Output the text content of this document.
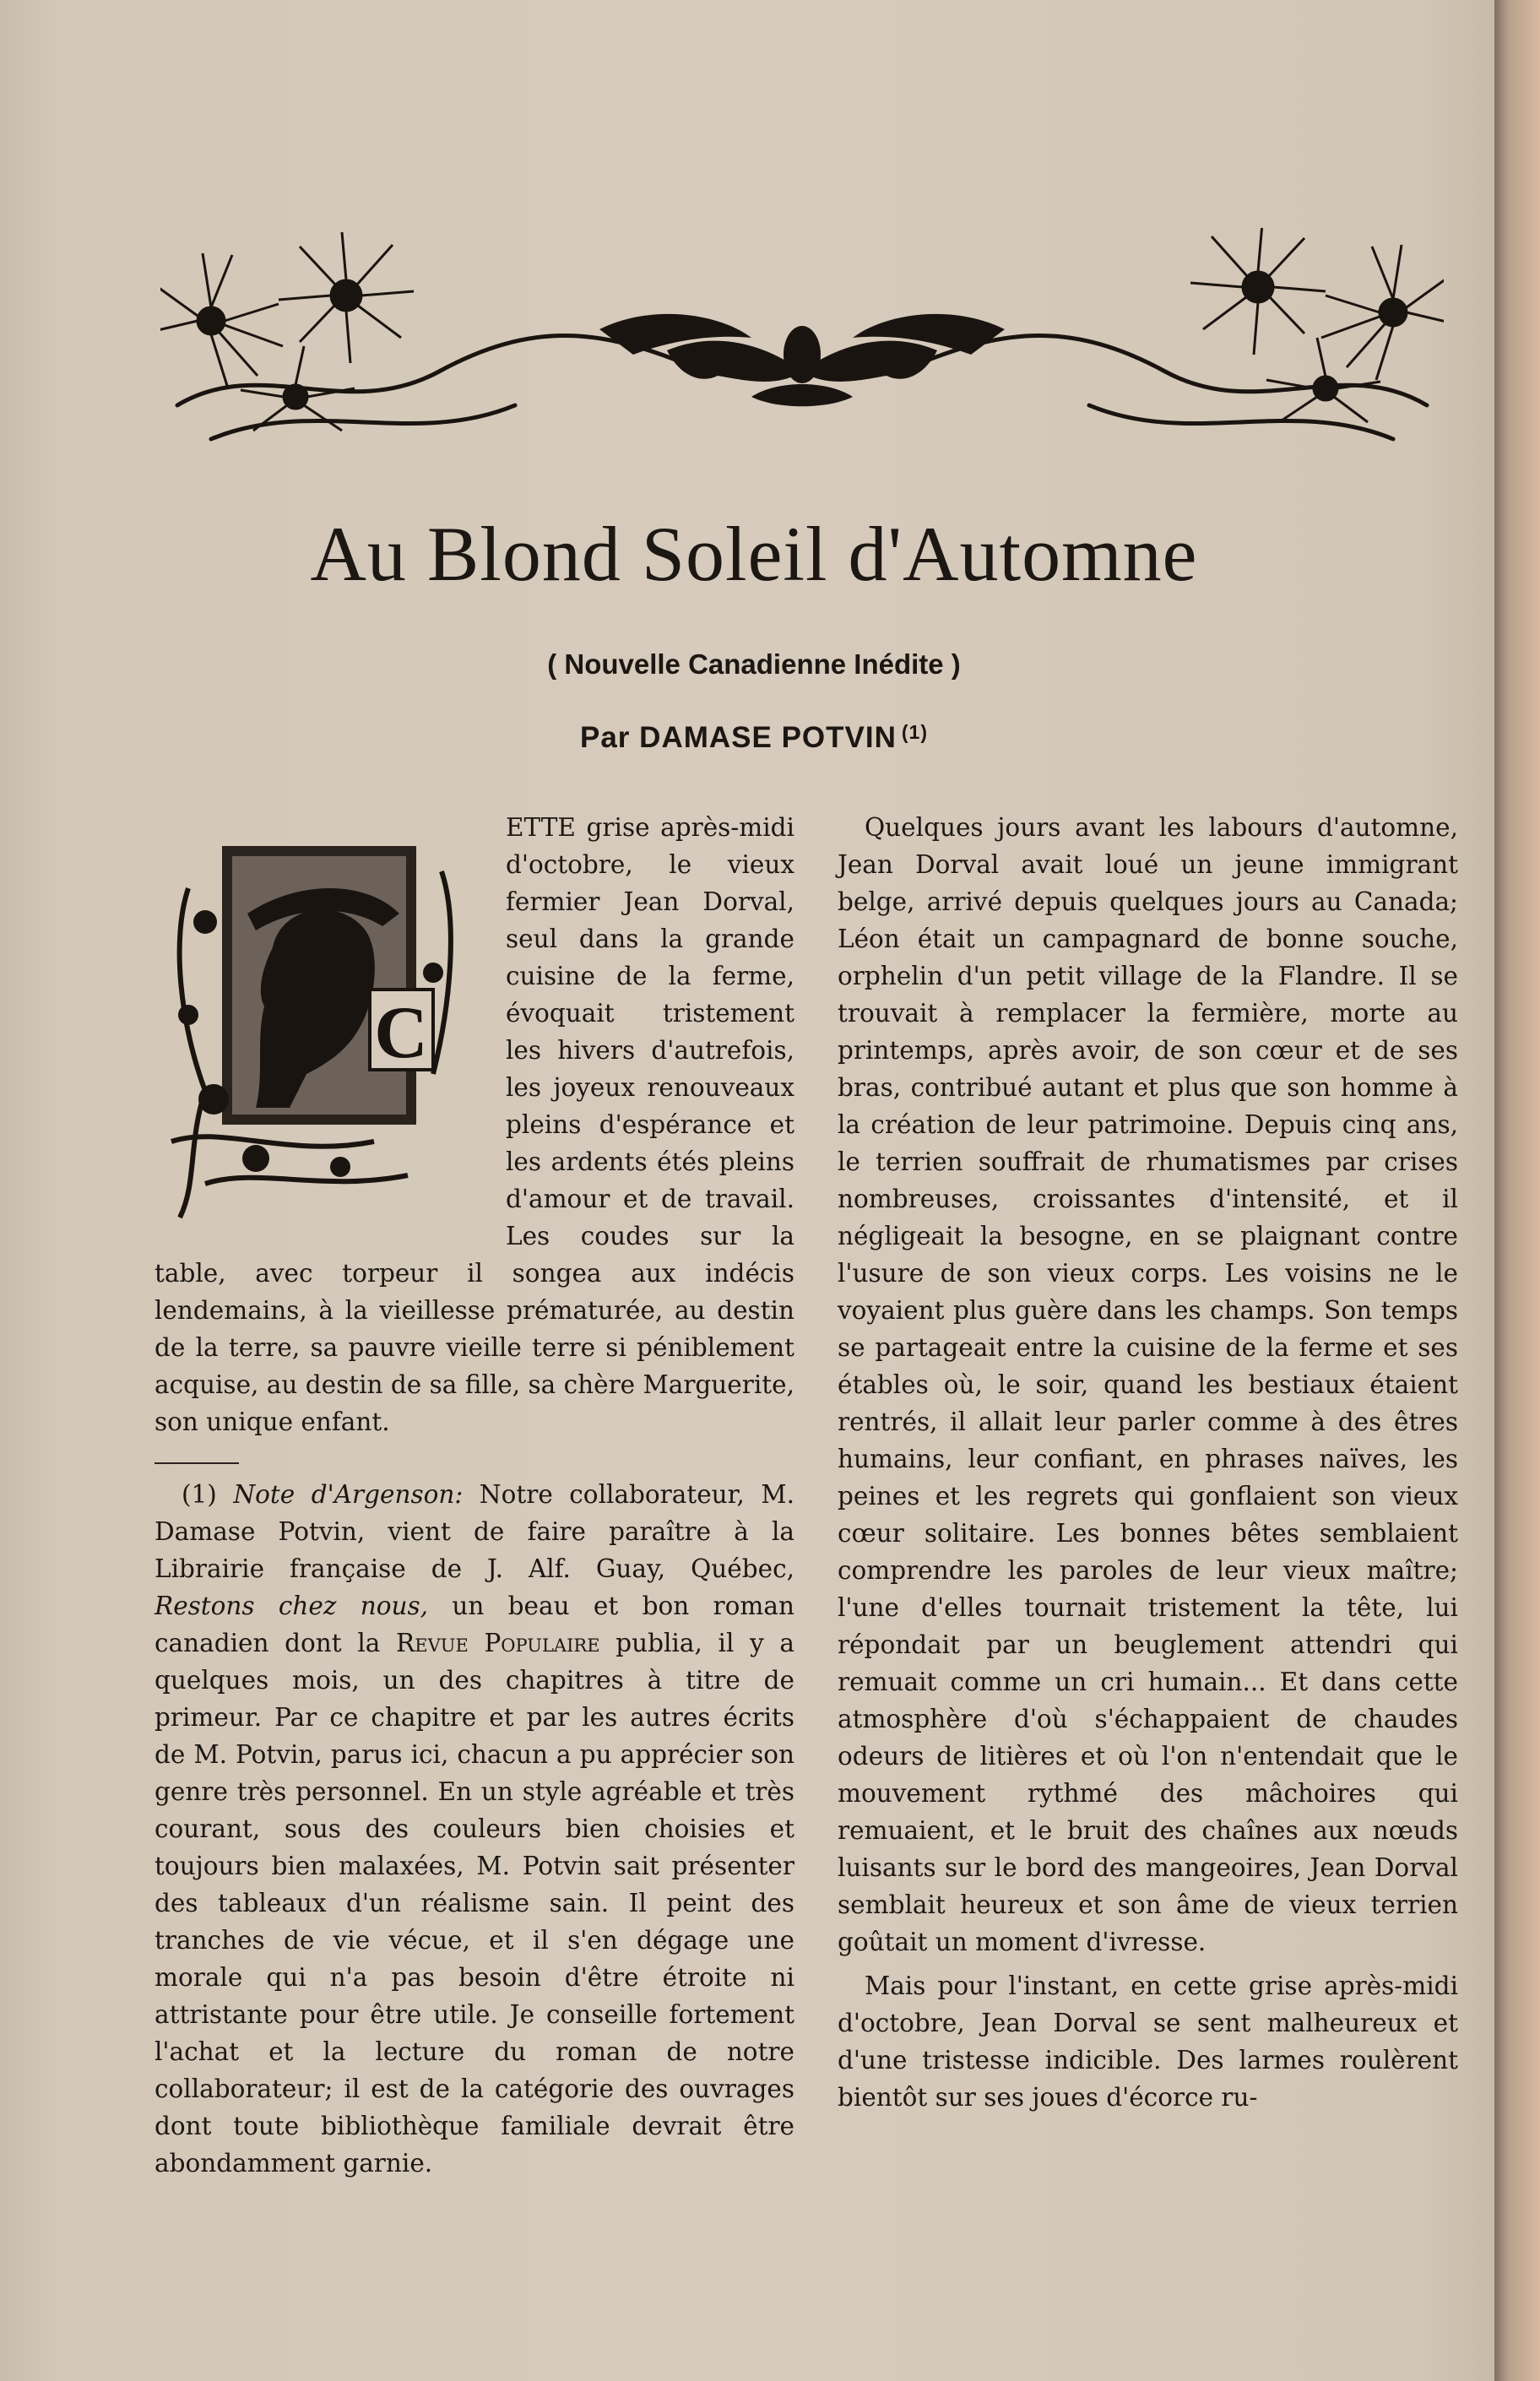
Au Blond Soleil d'Automne
( Nouvelle Canadienne Inédite )
Par DAMASE POTVIN $^{(1)}$
C

ETTE grise après-midi d'octobre, le vieux fermier Jean Dorval, seul dans la grande cuisine de la ferme, évoquait tristement les hivers d'autrefois, les joyeux renouveaux pleins d'espérance et les ardents étés pleins d'amour et de travail. Les coudes sur la table, avec torpeur il songea aux indécis lendemains, à la vieillesse prématurée, au destin de la terre, sa pauvre vieille terre si péniblement acquise, au destin de sa fille, sa chère Marguerite, son unique enfant.

(1) Note d'Argenson: Notre collaborateur, M. Damase Potvin, vient de faire paraître à la Librairie française de J. Alf. Guay, Québec, Restons chez nous, un beau et bon roman canadien dont la Revue Populaire publia, il y a quelques mois, un des chapitres à titre de primeur. Par ce chapitre et par les autres écrits de M. Potvin, parus ici, chacun a pu apprécier son genre très personnel. En un style agréable et très courant, sous des couleurs bien choisies et toujours bien malaxées, M. Potvin sait présenter des tableaux d'un réalisme sain. Il peint des tranches de vie vécue, et il s'en dégage une morale qui n'a pas besoin d'être étroite ni attristante pour être utile. Je conseille fortement l'achat et la lecture du roman de notre collaborateur; il est de la catégorie des ouvrages dont toute bibliothèque familiale devrait être abondamment garnie.

Quelques jours avant les labours d'automne, Jean Dorval avait loué un jeune immigrant belge, arrivé depuis quelques jours au Canada; Léon était un campagnard de bonne souche, orphelin d'un petit village de la Flandre. Il se trouvait à remplacer la fermière, morte au printemps, après avoir, de son cœur et de ses bras, contribué autant et plus que son homme à la création de leur patrimoine. Depuis cinq ans, le terrien souffrait de rhumatismes par crises nombreuses, croissantes d'intensité, et il négligeait la besogne, en se plaignant contre l'usure de son vieux corps. Les voisins ne le voyaient plus guère dans les champs. Son temps se partageait entre la cuisine de la ferme et ses étables où, le soir, quand les bestiaux étaient rentrés, il allait leur parler comme à des êtres humains, leur confiant, en phrases naïves, les peines et les regrets qui gonflaient son vieux cœur solitaire. Les bonnes bêtes semblaient comprendre les paroles de leur vieux maître; l'une d'elles tournait tristement la tête, lui répondait par un beuglement attendri qui remuait comme un cri humain... Et dans cette atmosphère d'où s'échappaient de chaudes odeurs de litières et où l'on n'entendait que le mouvement rythmé des mâchoires qui remuaient, et le bruit des chaînes aux nœuds luisants sur le bord des mangeoires, Jean Dorval semblait heureux et son âme de vieux terrien goûtait un moment d'ivresse.

Mais pour l'instant, en cette grise après-midi d'octobre, Jean Dorval se sent malheureux et d'une tristesse indicible. Des larmes roulèrent bientôt sur ses joues d'écorce ru-
